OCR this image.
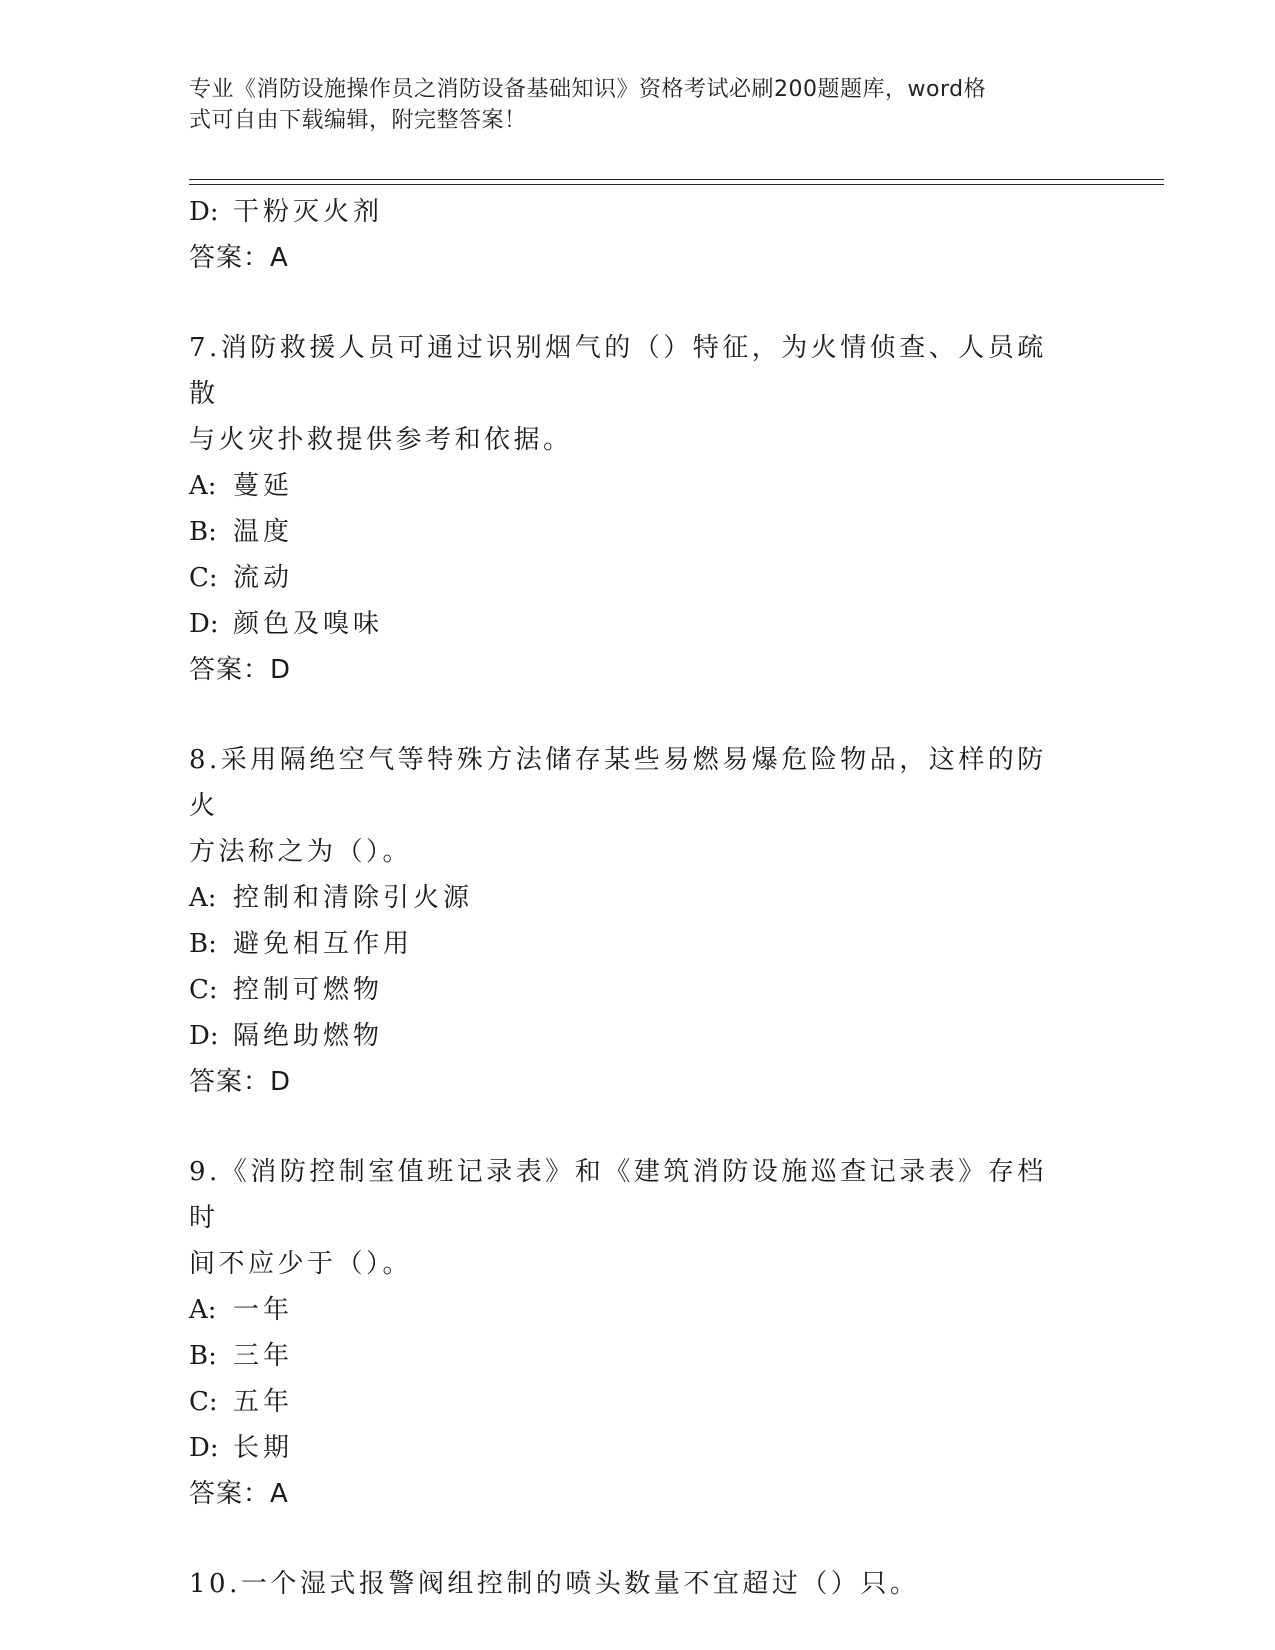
专业《消防设施操作员之消防设备基础知识》资格考试必刷200题题库，word格
式可自由下载编辑，附完整答案！
D: 干粉灭火剂
答案：A
7.消防救援人员可通过识别烟气的（）特征，为火情侦查、人员疏散
与火灾扑救提供参考和依据。
A: 蔓延
B: 温度
C: 流动
D: 颜色及嗅味
答案：D
8.采用隔绝空气等特殊方法储存某些易燃易爆危险物品，这样的防火
方法称之为（）。
A: 控制和清除引火源
B: 避免相互作用
C: 控制可燃物
D: 隔绝助燃物
答案：D
9.《消防控制室值班记录表》和《建筑消防设施巡查记录表》存档时
间不应少于（）。
A: 一年
B: 三年
C: 五年
D: 长期
答案：A
10.一个湿式报警阀组控制的喷头数量不宜超过（）只。
